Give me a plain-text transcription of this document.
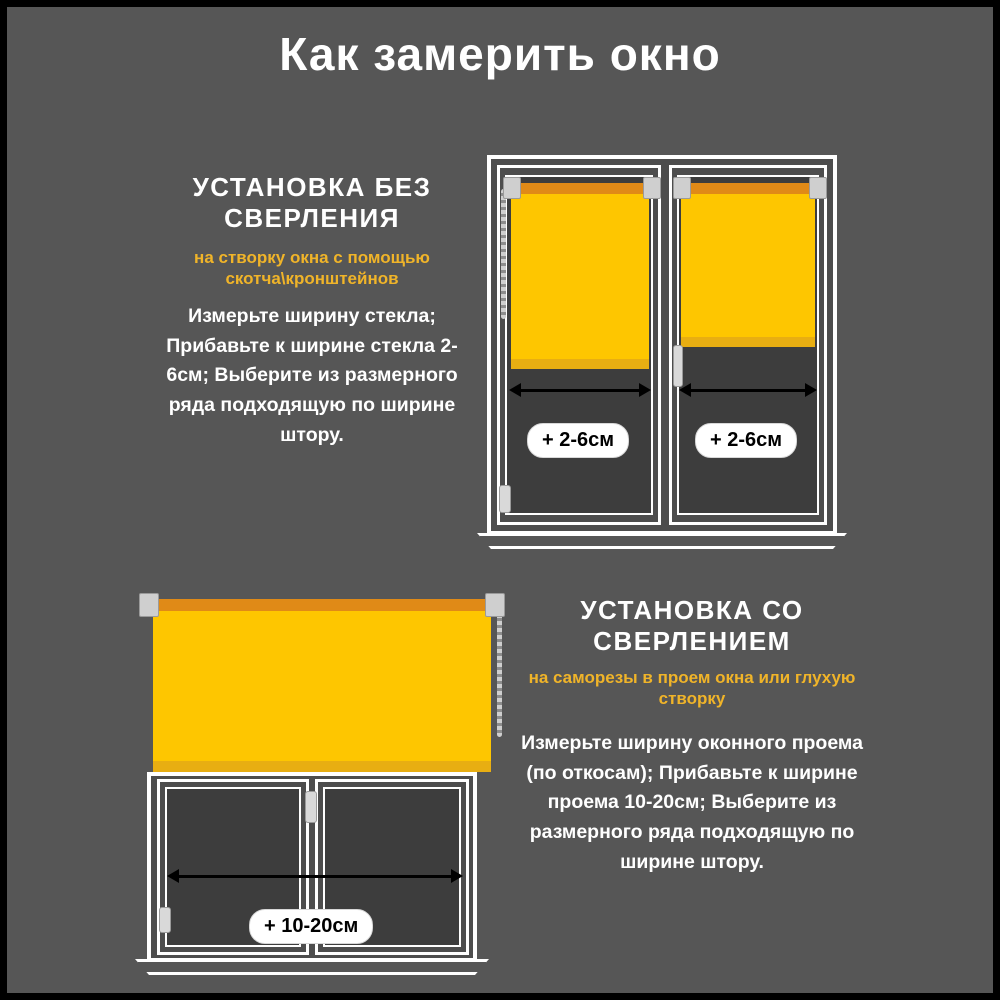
Как замерить окно
УСТАНОВКА БЕЗ СВЕРЛЕНИЯ
на створку окна с помощью скотча\кронштейнов
Измерьте ширину стекла; Прибавьте к ширине стекла 2-6см; Выберите из размерного ряда подходящую по ширине штору.	+ 2-6см	+ 2-6см
УСТАНОВКА СО СВЕРЛЕНИЕМ
на саморезы в проем окна или глухую створку
Измерьте ширину оконного проема (по откосам); Прибавьте к ширине проема 10-20см; Выберите из размерного ряда подходящую по ширине штору.
+ 10-20см
